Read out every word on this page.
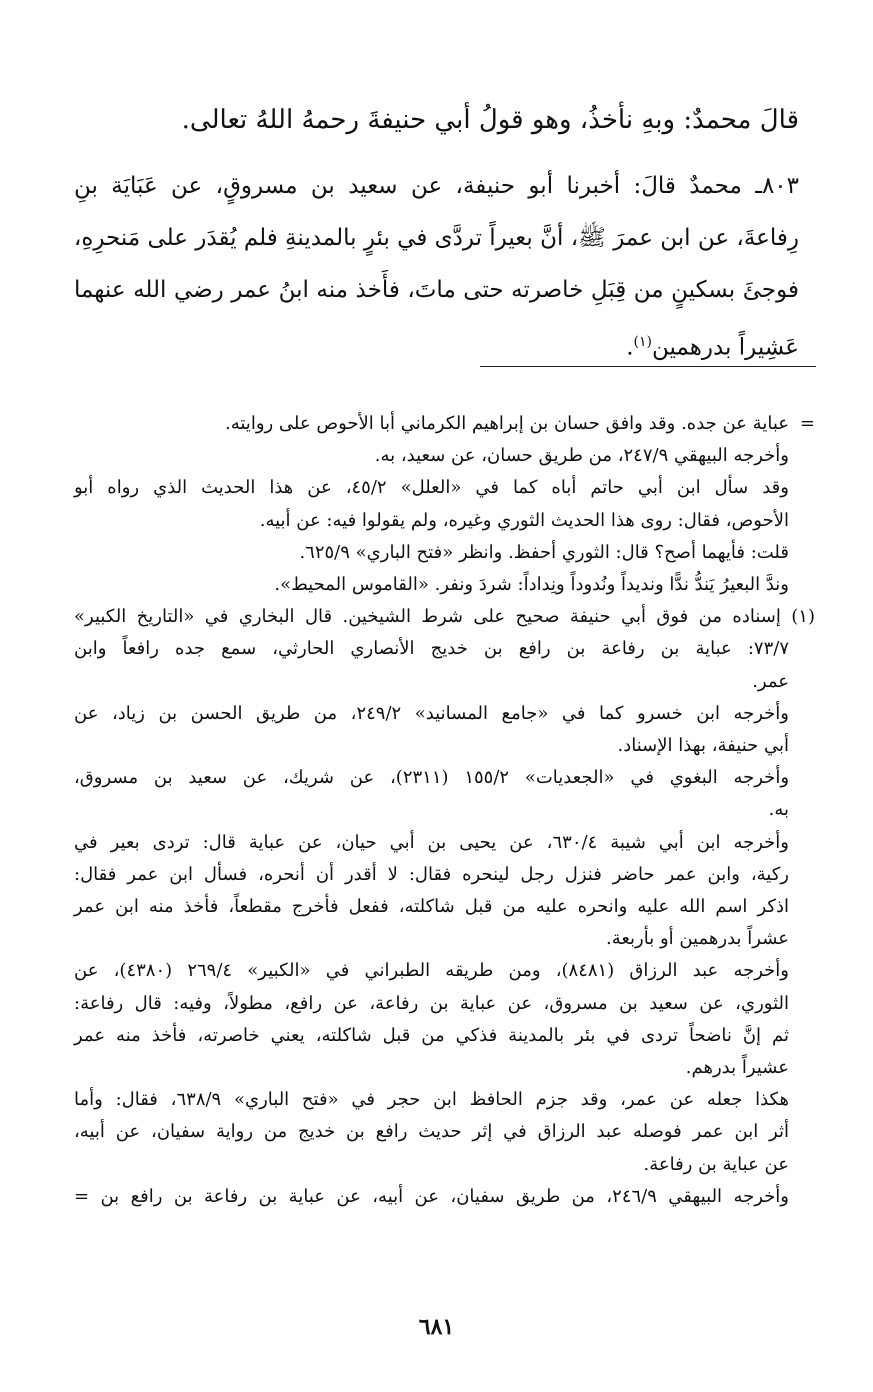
قالَ محمدٌ: وبهِ نأخذُ، وهو قولُ أبي حنيفةَ رحمهُ اللهُ تعالى.
٨٠٣ـ محمدٌ قالَ: أخبرنا أبو حنيفة، عن سعيد بن مسروقٍ، عن عَبَايَة بنِ
رِفاعةَ، عن ابن عمرَ ﷺ، أنَّ بعيراً تردَّى في بئرٍ بالمدينةِ فلم يُقدَر على مَنحرِهِ،
فوجئَ بسكينٍ من قِبَلِ خاصرته حتى ماتَ، فأَخذ منه ابنُ عمر رضي الله عنهما
عَشِيراً بدرهمين$^{(١)}$.
=
عباية عن جده. وقد وافق حسان بن إبراهيم الكرماني أبا الأحوص على روايته.
وأخرجه البيهقي ٢٤٧/٩، من طريق حسان، عن سعيد، به.
وقد سأل ابن أبي حاتم أباه كما في «العلل» ٤٥/٢، عن هذا الحديث الذي رواه أبو
الأحوص، فقال: روى هذا الحديث الثوري وغيره، ولم يقولوا فيه: عن أبيه.
قلت: فأيهما أصح؟ قال: الثوري أحفظ. وانظر «فتح الباري» ٦٢٥/٩.
وندَّ البعيرُ يَندُّ ندًّا ونديداً ونُدوداً ونِداداً: شردَ ونفر. «القاموس المحيط».
(١) إسناده من فوق أبي حنيفة صحيح على شرط الشيخين. قال البخاري في «التاريخ الكبير»
٧٣/٧: عباية بن رفاعة بن رافع بن خديج الأنصاري الحارثي، سمع جده رافعاً وابن
عمر.
وأخرجه ابن خسرو كما في «جامع المسانيد» ٢٤٩/٢، من طريق الحسن بن زياد، عن
أبي حنيفة، بهذا الإسناد.
وأخرجه البغوي في «الجعديات» ١٥٥/٢ (٢٣١١)، عن شريك، عن سعيد بن مسروق،
به.
وأخرجه ابن أبي شيبة ٦٣٠/٤، عن يحيى بن أبي حيان، عن عباية قال: تردى بعير في
ركية، وابن عمر حاضر فنزل رجل لينحره فقال: لا أقدر أن أنحره، فسأل ابن عمر فقال:
اذكر اسم الله عليه وانحره عليه من قبل شاكلته، ففعل فأخرج مقطعاً، فأخذ منه ابن عمر
عشراً بدرهمين أو بأربعة.
وأخرجه عبد الرزاق (٨٤٨١)، ومن طريقه الطبراني في «الكبير» ٢٦٩/٤ (٤٣٨٠)، عن
الثوري، عن سعيد بن مسروق، عن عباية بن رفاعة، عن رافع، مطولاً، وفيه: قال رفاعة:
ثم إنَّ ناضحاً تردى في بئر بالمدينة فذكي من قبل شاكلته، يعني خاصرته، فأخذ منه عمر
عشيراً بدرهم.
هكذا جعله عن عمر، وقد جزم الحافظ ابن حجر في «فتح الباري» ٦٣٨/٩، فقال: وأما
أثر ابن عمر فوصله عبد الرزاق في إثر حديث رافع بن خديج من رواية سفيان، عن أبيه،
عن عباية بن رفاعة.
وأخرجه البيهقي ٢٤٦/٩، من طريق سفيان، عن أبيه، عن عباية بن رفاعة بن رافع بن =
٦٨١
